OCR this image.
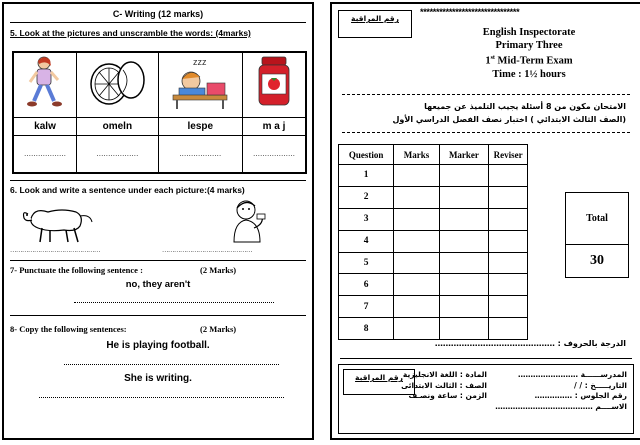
C- Writing (12 marks)
5. Look at the pictures and unscramble the words: (4marks)

zzz

kalw	omeln	lespe	m a j
………………	………………	………………	………………
6. Look and write a sentence under each picture:(4 marks)
………………………………………	………………………………………
7- Punctuate the following sentence :	(2 Marks)
no, they aren't
8- Copy the following sentences:	(2 Marks)
He is playing football.
She is writing.
رقم المراقبة
*******************************
English Inspectorate
Primary Three
1st Mid-Term Exam
Time : 1½ hours
الامتحان مكون من 8 أسئلة يجيب التلميذ عن جميعها
(الصف الثالث الابتدائي ) اختبار نصف الفصل الدراسي الأول
Question	Marks	Marker	Reviser
1			
2			
3			
4			
5			
6			
7			
8			
Total
30
الدرجة بالحروف : ………………………………………
رقم المراقبة	المدرســــــة ……………………
التاريـــــخ : / /
رقم الجلوس : ……………
الاســــم …………………………………
المادة : اللغة الانجليزية
الصف : الثالث الابتدائى
الزمن : ساعة ونصـف
